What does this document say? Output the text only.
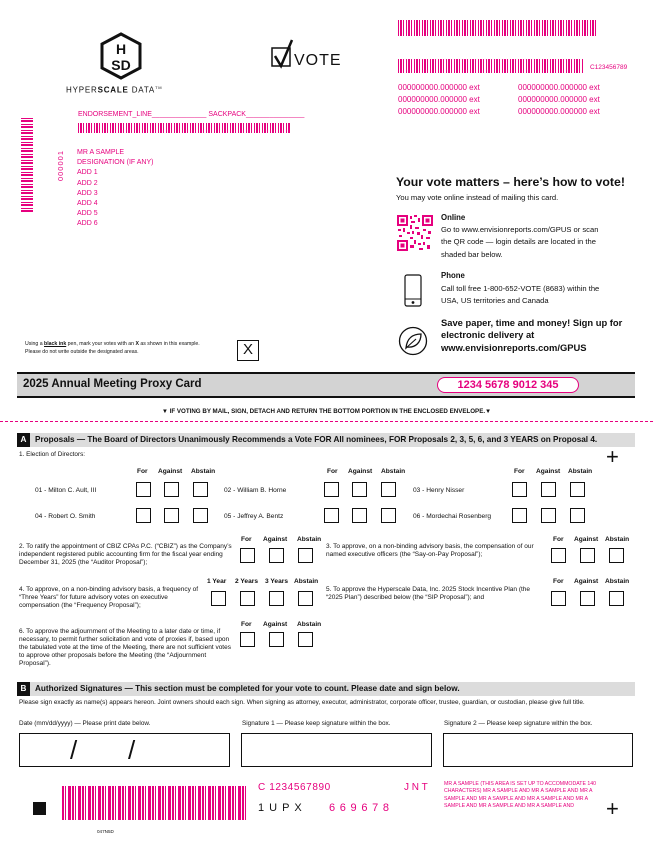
H
SD
HYPERSCALE DATA™
VOTE	C123456789
000000000.000000 ext
000000000.000000 ext
000000000.000000 ext
000000000.000000 ext
000000000.000000 ext
000000000.000000 ext
ENDORSEMENT_LINE______________ SACKPACK_______________
000001 MR A SAMPLE
DESIGNATION (IF ANY)
ADD 1
ADD 2
ADD 3
ADD 4
ADD 5
ADD 6
Your vote matters – here’s how to vote!
You may vote online instead of mailing this card.
Online
Go to www.envisionreports.com/GPUS or scan the QR code — login details are located in the shaded bar below.
Phone
Call toll free 1-800-652-VOTE (8683) within the USA, US territories and Canada
Save paper, time and money! Sign up for electronic delivery at www.envisionreports.com/GPUS
Using a black ink pen, mark your votes with an X as shown in this example.
Please do not write outside the designated areas.	X
2025 Annual Meeting Proxy Card	1234 5678 9012 345
▼ IF VOTING BY MAIL, SIGN, DETACH AND RETURN THE BOTTOM PORTION IN THE ENCLOSED ENVELOPE.▼
A Proposals — The Board of Directors Unanimously Recommends a Vote FOR All nominees, FOR Proposals 2, 3, 5, 6, and 3 YEARS on Proposal 4.
1. Election of Directors:	+
For Against Abstain	For Against Abstain	For Against Abstain
01 - Milton C. Ault, III	02 - William B. Horne	03 - Henry Nisser
04 - Robert O. Smith	05 - Jeffrey A. Bentz	06 - Mordechai Rosenberg
2. To ratify the appointment of CBIZ CPAs P.C. (“CBIZ”) as the Company’s independent registered public accounting firm for the fiscal year ending December 31, 2025 (the “Auditor Proposal”);
For Against Abstain
3. To approve, on a non-binding advisory basis, the compensation of our named executive officers (the “Say-on-Pay Proposal”);
For Against Abstain
4. To approve, on a non-binding advisory basis, a frequency of “Three Years” for future advisory votes on executive compensation (the “Frequency Proposal”);
1 Year 2 Years 3 Years Abstain
5. To approve the Hyperscale Data, Inc. 2025 Stock Incentive Plan (the “2025 Plan”) described below (the “SIP Proposal”); and
For Against Abstain
6. To approve the adjournment of the Meeting to a later date or time, if necessary, to permit further solicitation and vote of proxies if, based upon the tabulated vote at the time of the Meeting, there are not sufficient votes to approve other proposals before the Meeting (the “Adjournment Proposal”).
For Against Abstain
B Authorized Signatures — This section must be completed for your vote to count. Please date and sign below.
Please sign exactly as name(s) appears hereon. Joint owners should each sign. When signing as attorney, executor, administrator, corporate officer, trustee, guardian, or custodian, please give full title.
Date (mm/dd/yyyy) — Please print date below.	Signature 1 — Please keep signature within the box.	Signature 2 — Please keep signature within the box.
/ /
C 1234567890	J N T
1 U P X 6 6 9 6 7 8
MR A SAMPLE (THIS AREA IS SET UP TO ACCOMMODATE 140 CHARACTERS) MR A SAMPLE AND MR A SAMPLE AND MR A SAMPLE AND MR A SAMPLE AND MR A SAMPLE AND MR A SAMPLE AND MR A SAMPLE AND MR A SAMPLE AND	+
047N5D
